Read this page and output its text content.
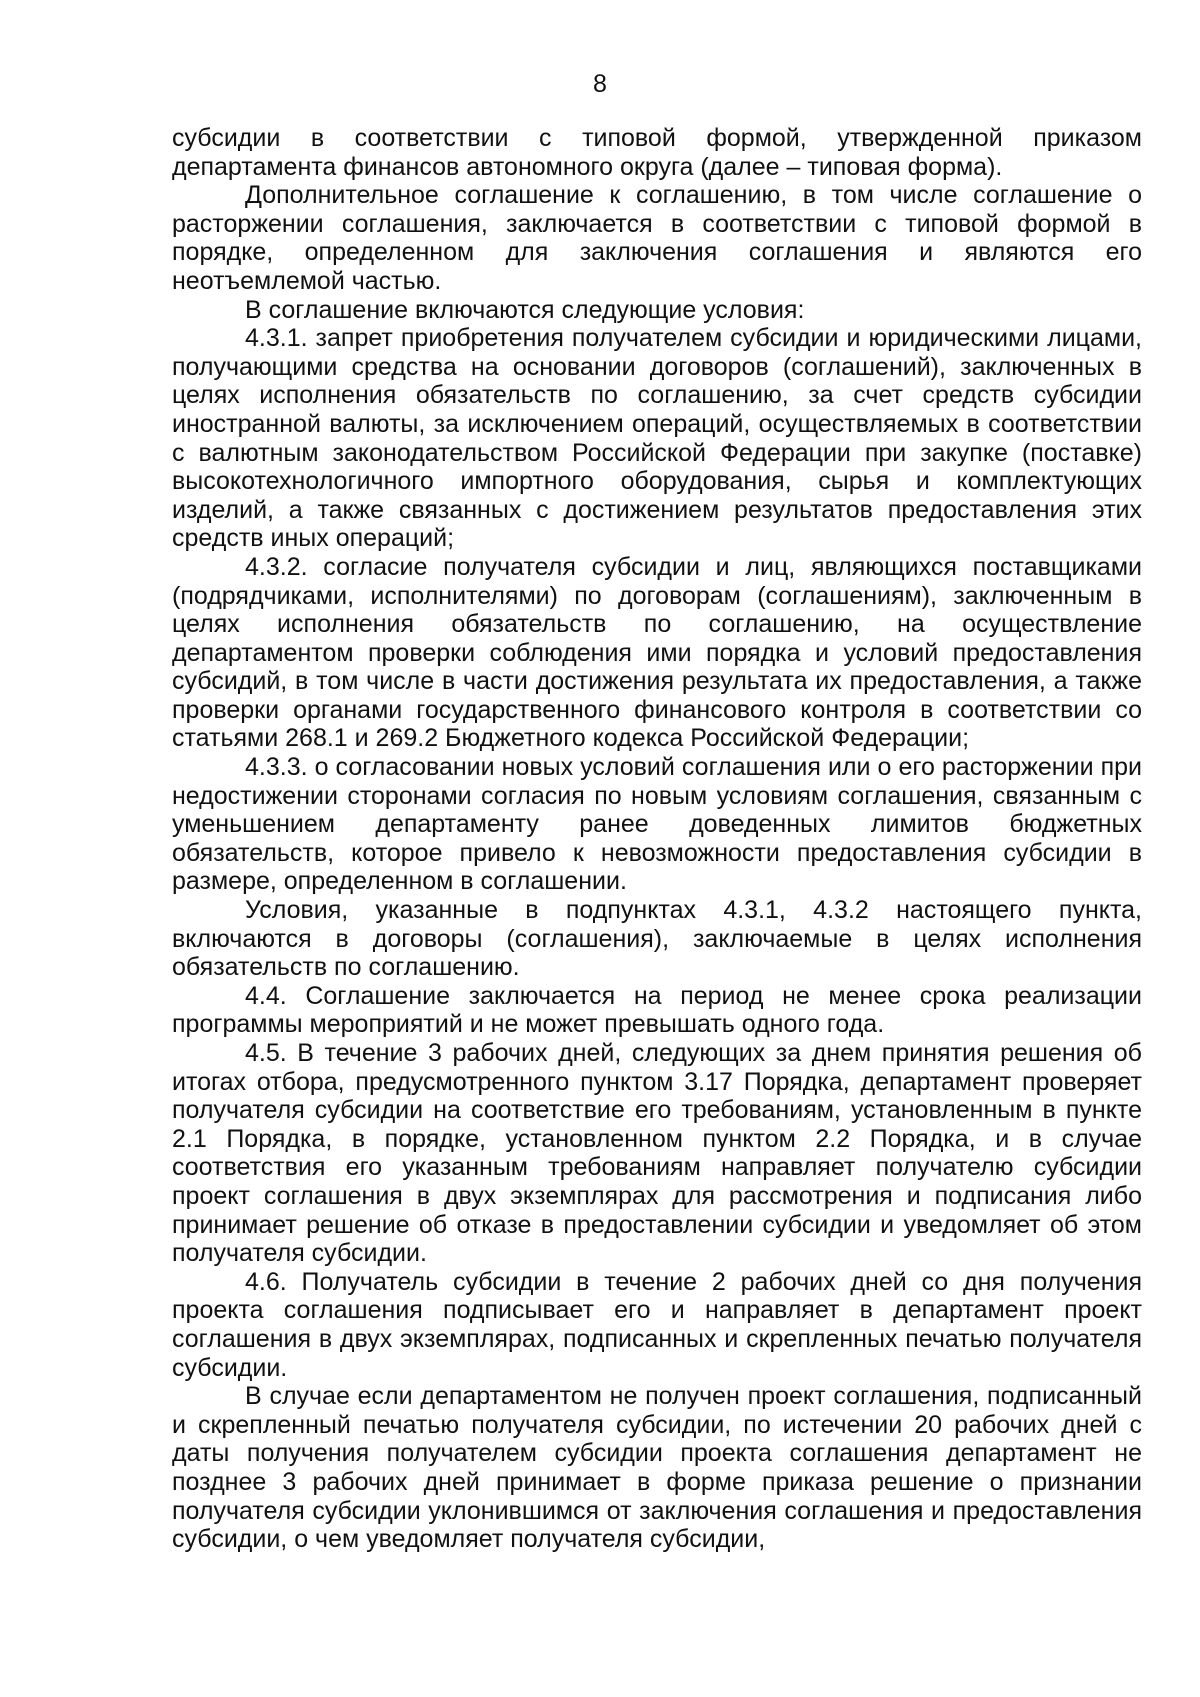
8

субсидии в соответствии с типовой формой, утвержденной приказом департамента финансов автономного округа (далее – типовая форма).

Дополнительное соглашение к соглашению, в том числе соглашение о расторжении соглашения, заключается в соответствии с типовой формой в порядке, определенном для заключения соглашения и являются его неотъемлемой частью.

В соглашение включаются следующие условия:

4.3.1. запрет приобретения получателем субсидии и юридическими лицами, получающими средства на основании договоров (соглашений), заключенных в целях исполнения обязательств по соглашению, за счет средств субсидии иностранной валюты, за исключением операций, осуществляемых в соответствии с валютным законодательством Российской Федерации при закупке (поставке) высокотехнологичного импортного оборудования, сырья и комплектующих изделий, а также связанных с достижением результатов предоставления этих средств иных операций;

4.3.2. согласие получателя субсидии и лиц, являющихся поставщиками (подрядчиками, исполнителями) по договорам (соглашениям), заключенным в целях исполнения обязательств по соглашению, на осуществление департаментом проверки соблюдения ими порядка и условий предоставления субсидий, в том числе в части достижения результата их предоставления, а также проверки органами государственного финансового контроля в соответствии со статьями 268.1 и 269.2 Бюджетного кодекса Российской Федерации;

4.3.3. о согласовании новых условий соглашения или о его расторжении при недостижении сторонами согласия по новым условиям соглашения, связанным с уменьшением департаменту ранее доведенных лимитов бюджетных обязательств, которое привело к невозможности предоставления субсидии в размере, определенном в соглашении.

Условия, указанные в подпунктах 4.3.1, 4.3.2 настоящего пункта, включаются в договоры (соглашения), заключаемые в целях исполнения обязательств по соглашению.

4.4. Соглашение заключается на период не менее срока реализации программы мероприятий и не может превышать одного года.

4.5. В течение 3 рабочих дней, следующих за днем принятия решения об итогах отбора, предусмотренного пунктом 3.17 Порядка, департамент проверяет получателя субсидии на соответствие его требованиям, установленным в пункте 2.1 Порядка, в порядке, установленном пунктом 2.2 Порядка, и в случае соответствия его указанным требованиям направляет получателю субсидии проект соглашения в двух экземплярах для рассмотрения и подписания либо принимает решение об отказе в предоставлении субсидии и уведомляет об этом получателя субсидии.

4.6. Получатель субсидии в течение 2 рабочих дней со дня получения проекта соглашения подписывает его и направляет в департамент проект соглашения в двух экземплярах, подписанных и скрепленных печатью получателя субсидии.

В случае если департаментом не получен проект соглашения, подписанный и скрепленный печатью получателя субсидии, по истечении 20 рабочих дней с даты получения получателем субсидии проекта соглашения департамент не позднее 3 рабочих дней принимает в форме приказа решение о признании получателя субсидии уклонившимся от заключения соглашения и предоставления субсидии, о чем уведомляет получателя субсидии,
